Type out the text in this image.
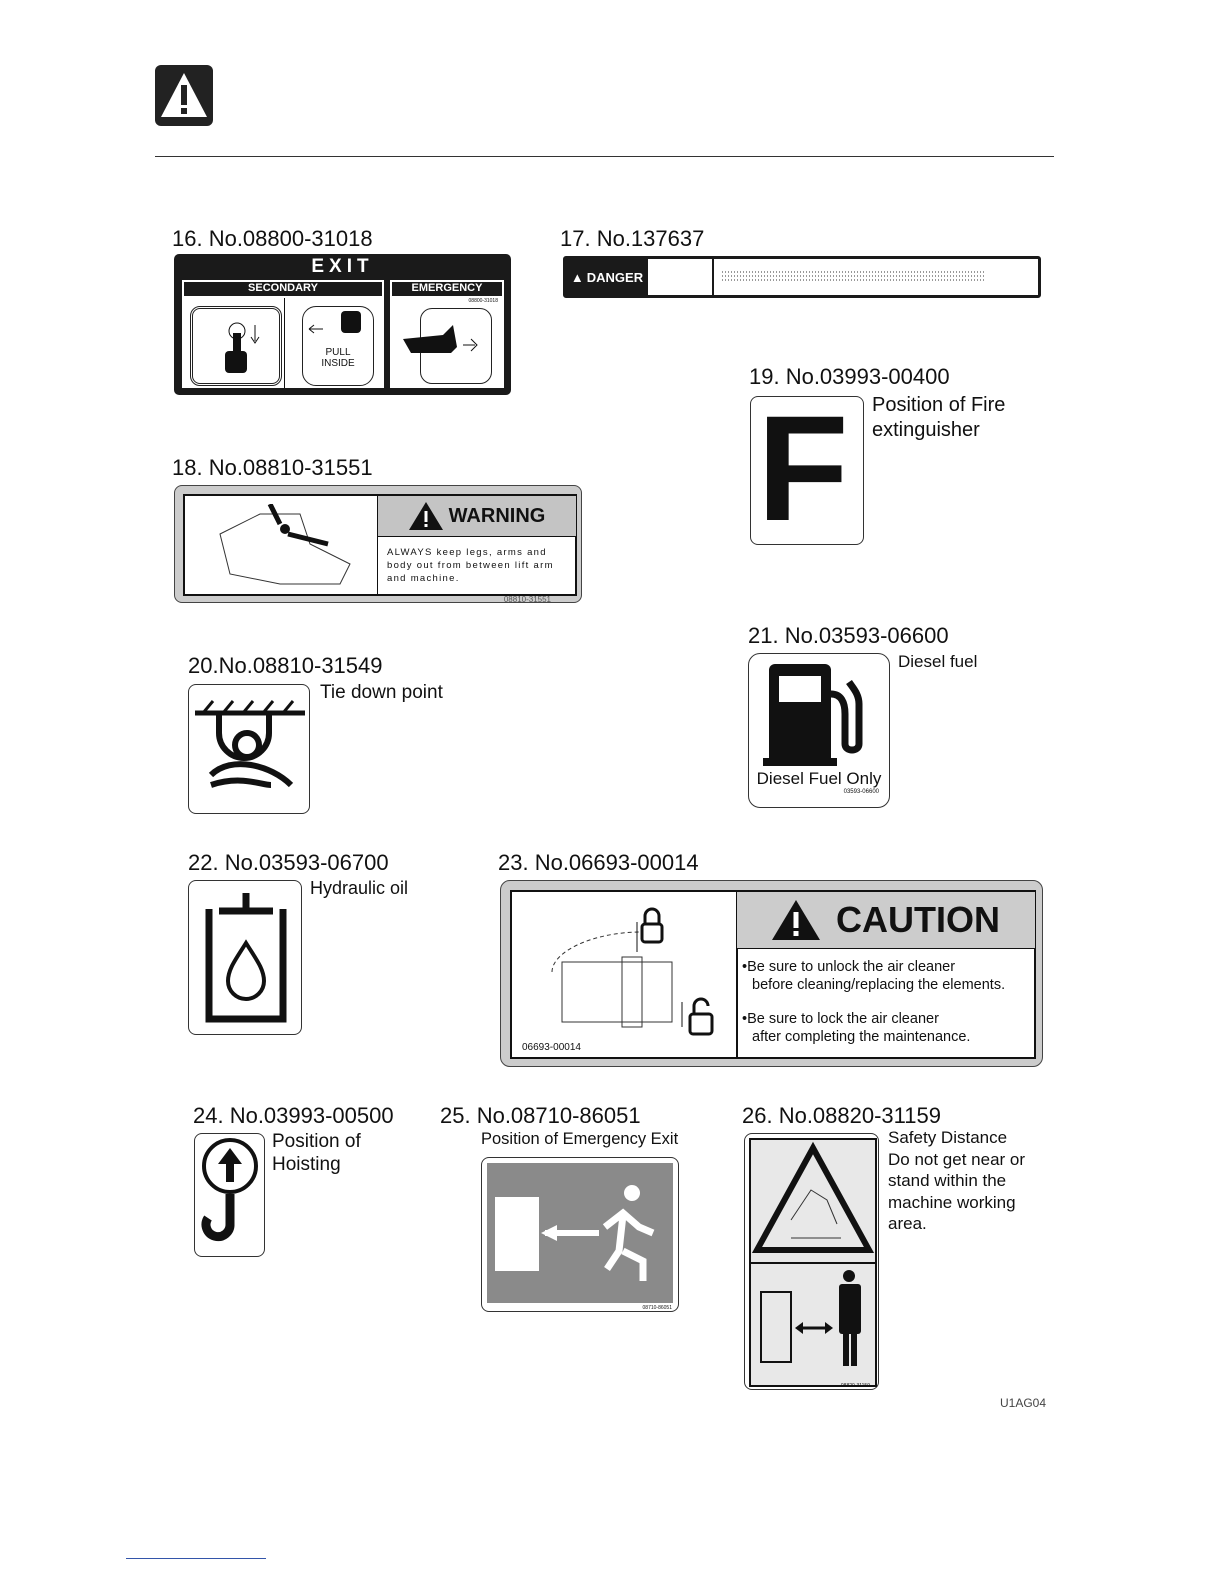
16. No.08800-31018
EXIT
SECONDARY
PULL
INSIDE
EMERGENCY
08800-31018
17. No.137637
▲ DANGER
19. No.03993-00400
F Position of Fire
extinguisher
18. No.08810-31551
WARNING
ALWAYS keep legs, arms and body out from between lift arm and machine.
08810-31551
20.No.08810-31549
Tie down point
21. No.03593-06600
Diesel Fuel Only
03593-06600
Diesel fuel
22. No.03593-06700
Hydraulic oil
23. No.06693-00014
06693-00014
CAUTION
•Be sure to unlock the air cleaner
before cleaning/replacing the elements.
•Be sure to lock the air cleaner
after completing the maintenance.
24. No.03993-00500
Position of
Hoisting
25. No.08710-86051
Position of Emergency Exit
08710-86051
26. No.08820-31159
08820-31159
Safety Distance
Do not get near or
stand within the
machine working
area.
U1AG04
